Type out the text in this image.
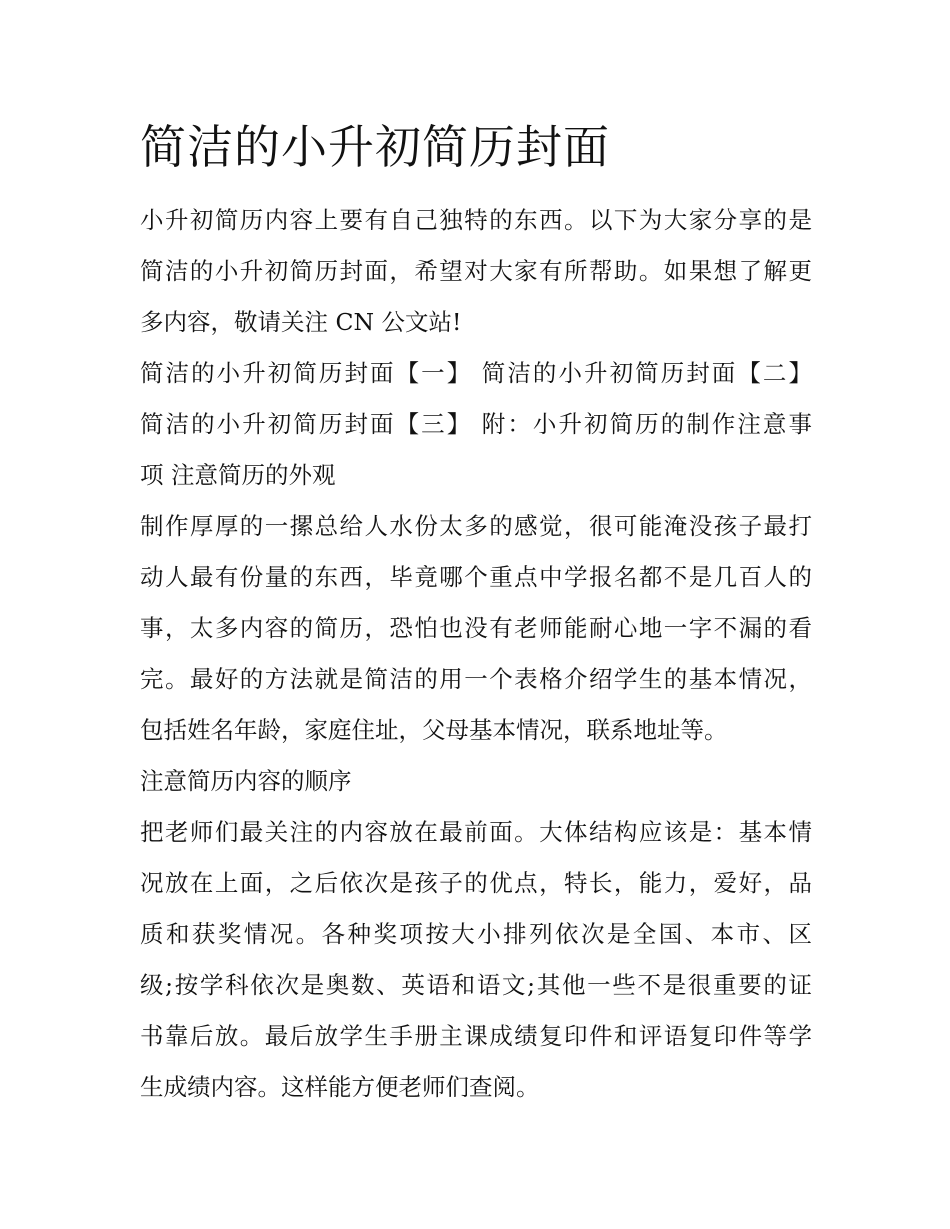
简洁的小升初简历封面
小升初简历内容上要有自己独特的东西。以下为大家分享的是
简洁的小升初简历封面，希望对大家有所帮助。如果想了解更
多内容，敬请关注 CN 公文站!
简洁的小升初简历封面【一】 简洁的小升初简历封面【二】
简洁的小升初简历封面【三】 附：小升初简历的制作注意事
项 注意简历的外观
制作厚厚的一摞总给人水份太多的感觉，很可能淹没孩子最打
动人最有份量的东西，毕竟哪个重点中学报名都不是几百人的
事，太多内容的简历，恐怕也没有老师能耐心地一字不漏的看
完。最好的方法就是简洁的用一个表格介绍学生的基本情况，
包括姓名年龄，家庭住址，父母基本情况，联系地址等。
注意简历内容的顺序
把老师们最关注的内容放在最前面。大体结构应该是：基本情
况放在上面，之后依次是孩子的优点，特长，能力，爱好，品
质和获奖情况。各种奖项按大小排列依次是全国、本市、区
级;按学科依次是奥数、英语和语文;其他一些不是很重要的证
书靠后放。最后放学生手册主课成绩复印件和评语复印件等学
生成绩内容。这样能方便老师们查阅。
